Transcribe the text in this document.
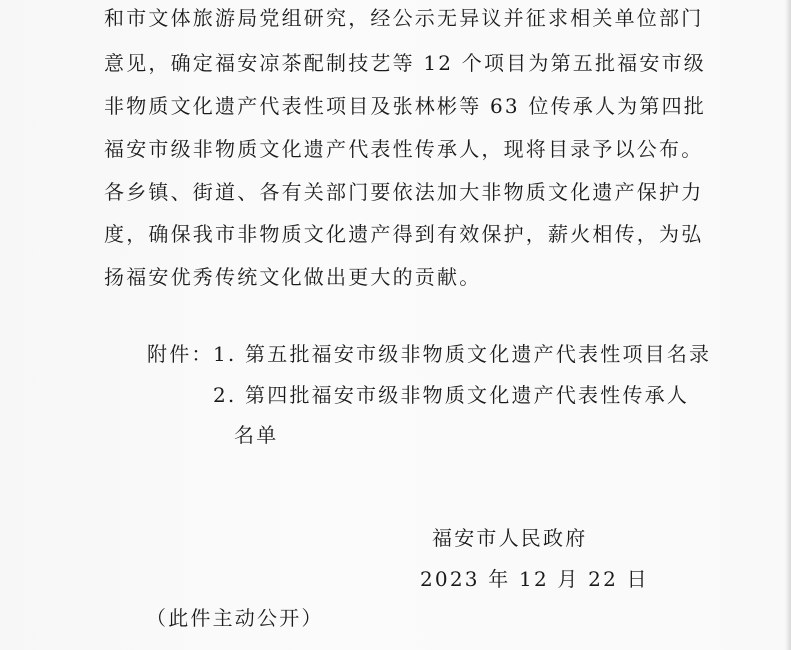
和市文体旅游局党组研究，经公示无异议并征求相关单位部门
意见，确定福安凉茶配制技艺等 12 个项目为第五批福安市级
非物质文化遗产代表性项目及张林彬等 63 位传承人为第四批
福安市级非物质文化遗产代表性传承人，现将目录予以公布。
各乡镇、街道、各有关部门要依法加大非物质文化遗产保护力
度，确保我市非物质文化遗产得到有效保护，薪火相传，为弘
扬福安优秀传统文化做出更大的贡献。
附件： 1. 第五批福安市级非物质文化遗产代表性项目名录
2. 第四批福安市级非物质文化遗产代表性传承人
名单
福安市人民政府
2023 年 12 月 22 日
（此件主动公开）
